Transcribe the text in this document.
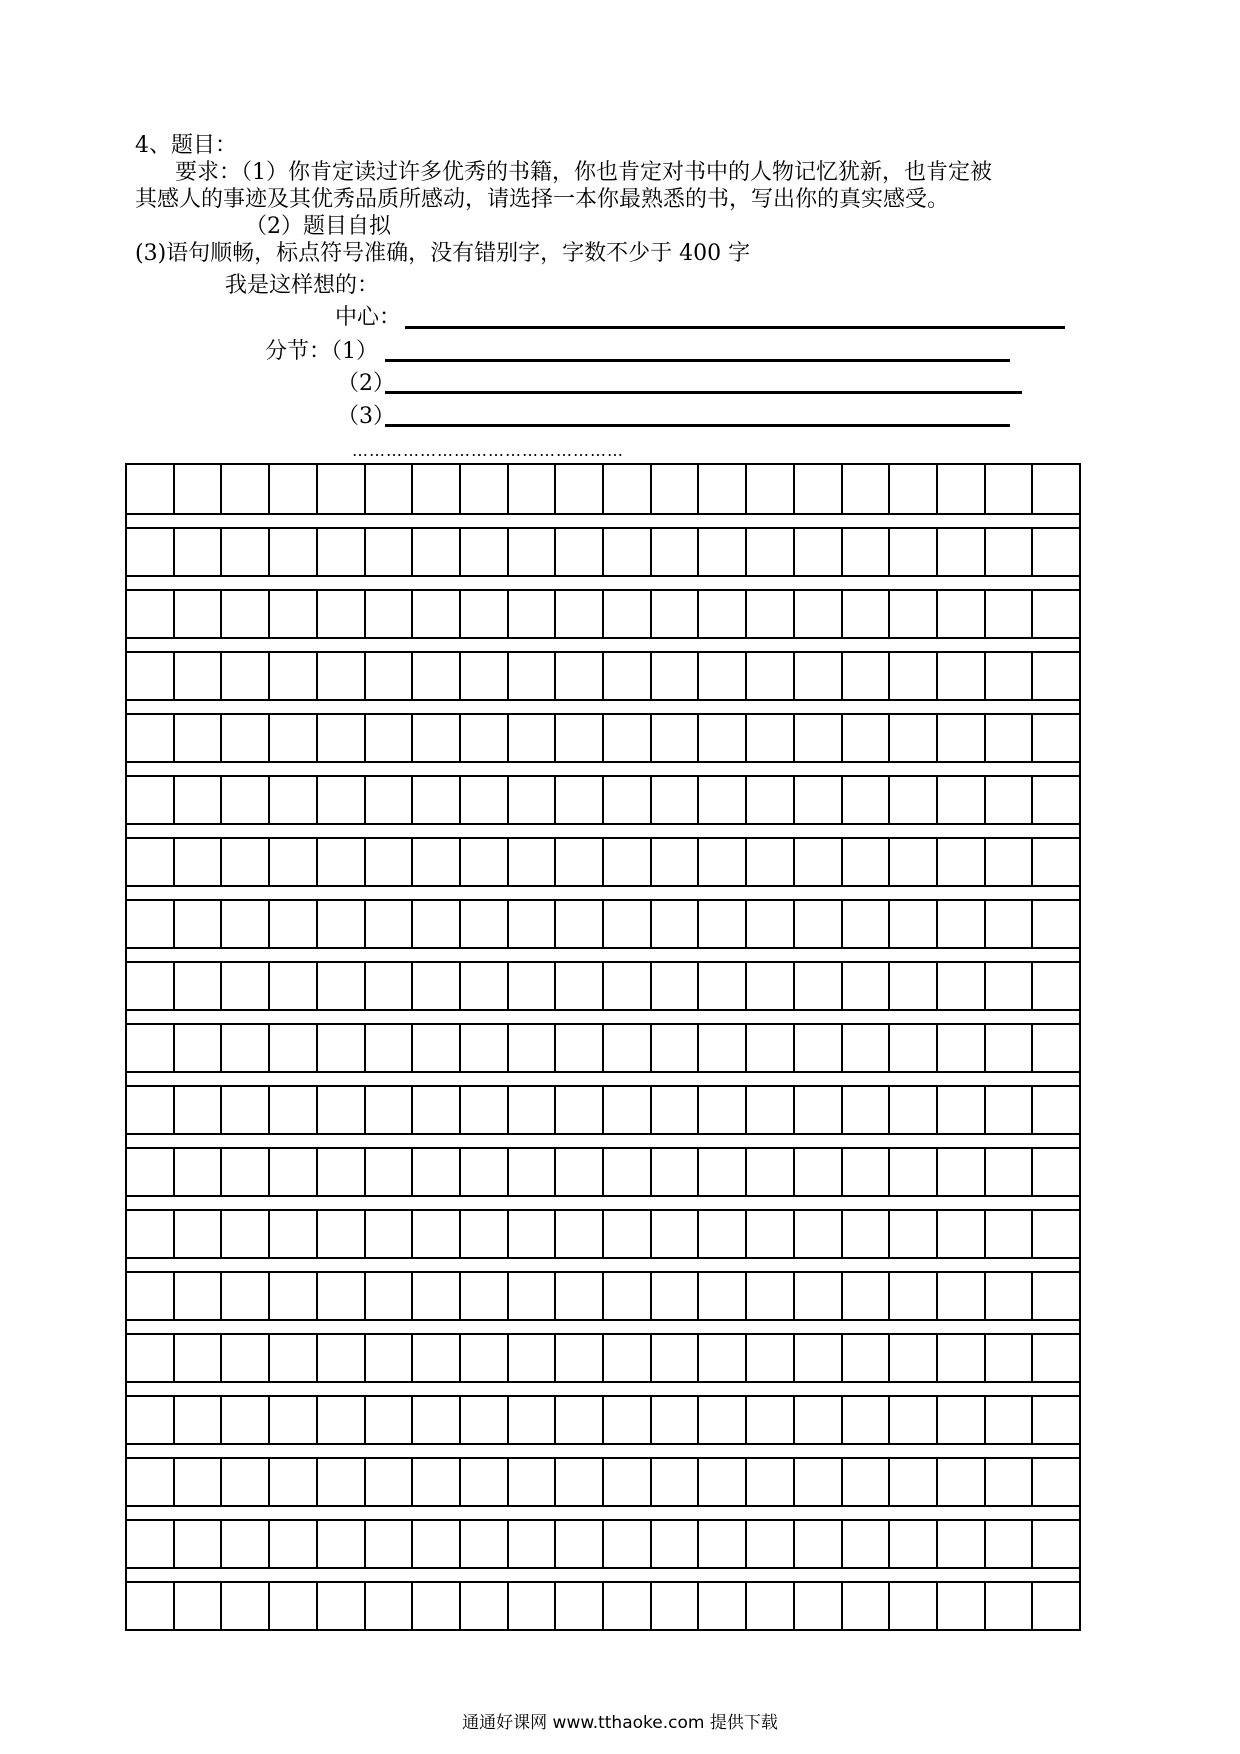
4、题目：
要求：（1）你肯定读过许多优秀的书籍，你也肯定对书中的人物记忆犹新，也肯定被
其感人的事迹及其优秀品质所感动，请选择一本你最熟悉的书，写出你的真实感受。
（2）题目自拟
(3)语句顺畅，标点符号准确，没有错别字，字数不少于 400 字
我是这样想的：
中心：
分节：（1）
（2）
（3）
…………………………………………
通通好课网 www.tthaoke.com 提供下载
